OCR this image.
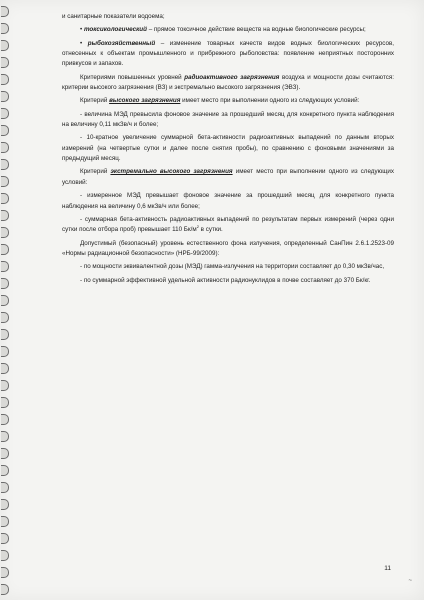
и санитарные показатели водоема;

• токсикологический – прямое токсичное действие веществ на водные биологические ресурсы;

• рыбохозяйственный – изменение товарных качеств видов водных биологических ресурсов, отнесенных к объектам промышленного и прибрежного рыболовства: появление неприятных посторонних привкусов и запахов.

Критериями повышенных уровней радиоактивного загрязнения воздуха и мощности дозы считаются: критерии высокого загрязнения (ВЗ) и экстремально высокого загрязнения (ЭВЗ).

Критерий высокого загрязнения имеет место при выполнении одного из следующих условий:

- величина МЭД превысила фоновое значение за прошедший месяц для конкретного пункта наблюдения на величину 0,11 мкЗв/ч и более;

- 10-кратное увеличение суммарной бета-активности радиоактивных выпадений по данным вторых измерений (на четвертые сутки и далее после снятия пробы), по сравнению с фоновыми значениями за предыдущий месяц.

Критерий экстремально высокого загрязнения имеет место при выполнении одного из следующих условий:

- измеренное МЭД превышает фоновое значение за прошедший месяц для конкретного пункта наблюдения на величину 0,6 мкЗв/ч или более;

- суммарная бета-активность радиоактивных выпадений по результатам первых измерений (через одни сутки после отбора проб) превышает 110 $Бк/м^2$ в сутки.

Допустимый (безопасный) уровень естественного фона излучения, определенный СанПин 2.6.1.2523-09 «Нормы радиационной безопасности» (НРБ-99/2009):

- по мощности эквивалентной дозы (МЭД) гамма-излучения на территории составляет до 0,30 мкЗв/час,

- по суммарной эффективной удельной активности радионуклидов в почве составляет до 370 Бк/кг.

11
~
